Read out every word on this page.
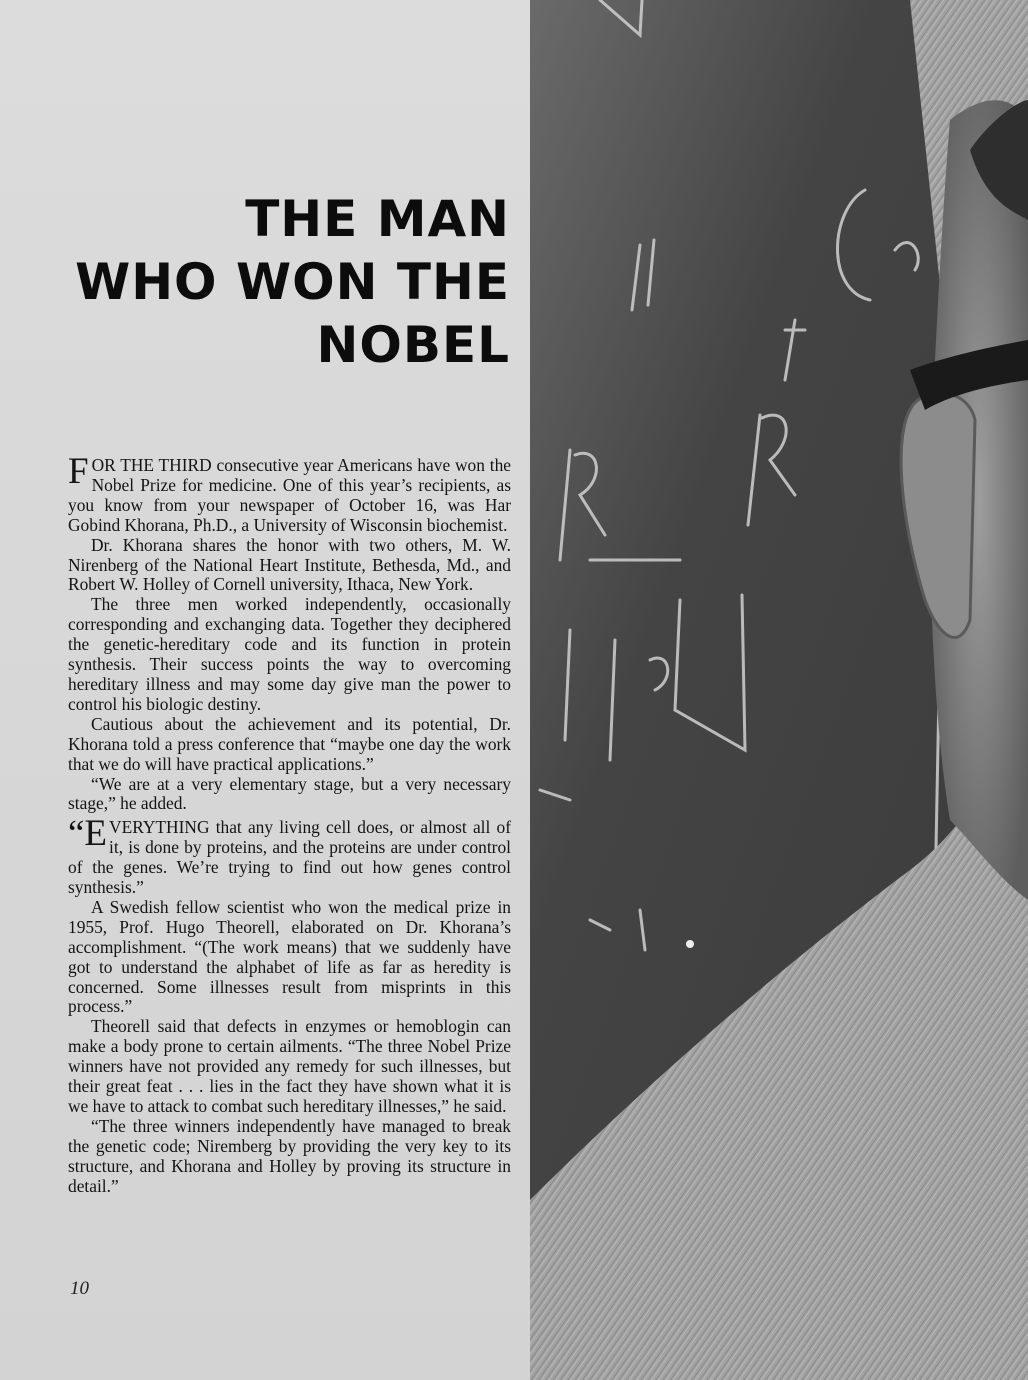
THE MAN
WHO WON THE
NOBEL

FOR THE THIRD consecutive year Americans have won the Nobel Prize for medicine. One of this year’s recipients, as you know from your newspaper of October 16, was Har Gobind Khorana, Ph.D., a University of Wisconsin biochemist.

Dr. Khorana shares the honor with two others, M. W. Nirenberg of the National Heart Institute, Bethesda, Md., and Robert W. Holley of Cornell university, Ithaca, New York.

The three men worked independently, occasionally corresponding and exchanging data. Together they deciphered the genetic-hereditary code and its function in protein synthesis. Their success points the way to overcoming hereditary illness and may some day give man the power to control his biologic destiny.

Cautious about the achievement and its potential, Dr. Khorana told a press conference that “maybe one day the work that we do will have practical applications.”

“We are at a very elementary stage, but a very necessary stage,” he added.

“EVERYTHING that any living cell does, or almost all of it, is done by proteins, and the proteins are under control of the genes. We’re trying to find out how genes control synthesis.”

A Swedish fellow scientist who won the medical prize in 1955, Prof. Hugo Theorell, elaborated on Dr. Khorana’s accomplishment. “(The work means) that we suddenly have got to understand the alphabet of life as far as heredity is concerned. Some illnesses result from misprints in this process.”

Theorell said that defects in enzymes or hemoblogin can make a body prone to certain ailments. “The three Nobel Prize winners have not provided any remedy for such illnesses, but their great feat . . . lies in the fact they have shown what it is we have to attack to combat such hereditary illnesses,” he said.

“The three winners independently have managed to break the genetic code; Niremberg by providing the very key to its structure, and Khorana and Holley by proving its structure in detail.”

10
